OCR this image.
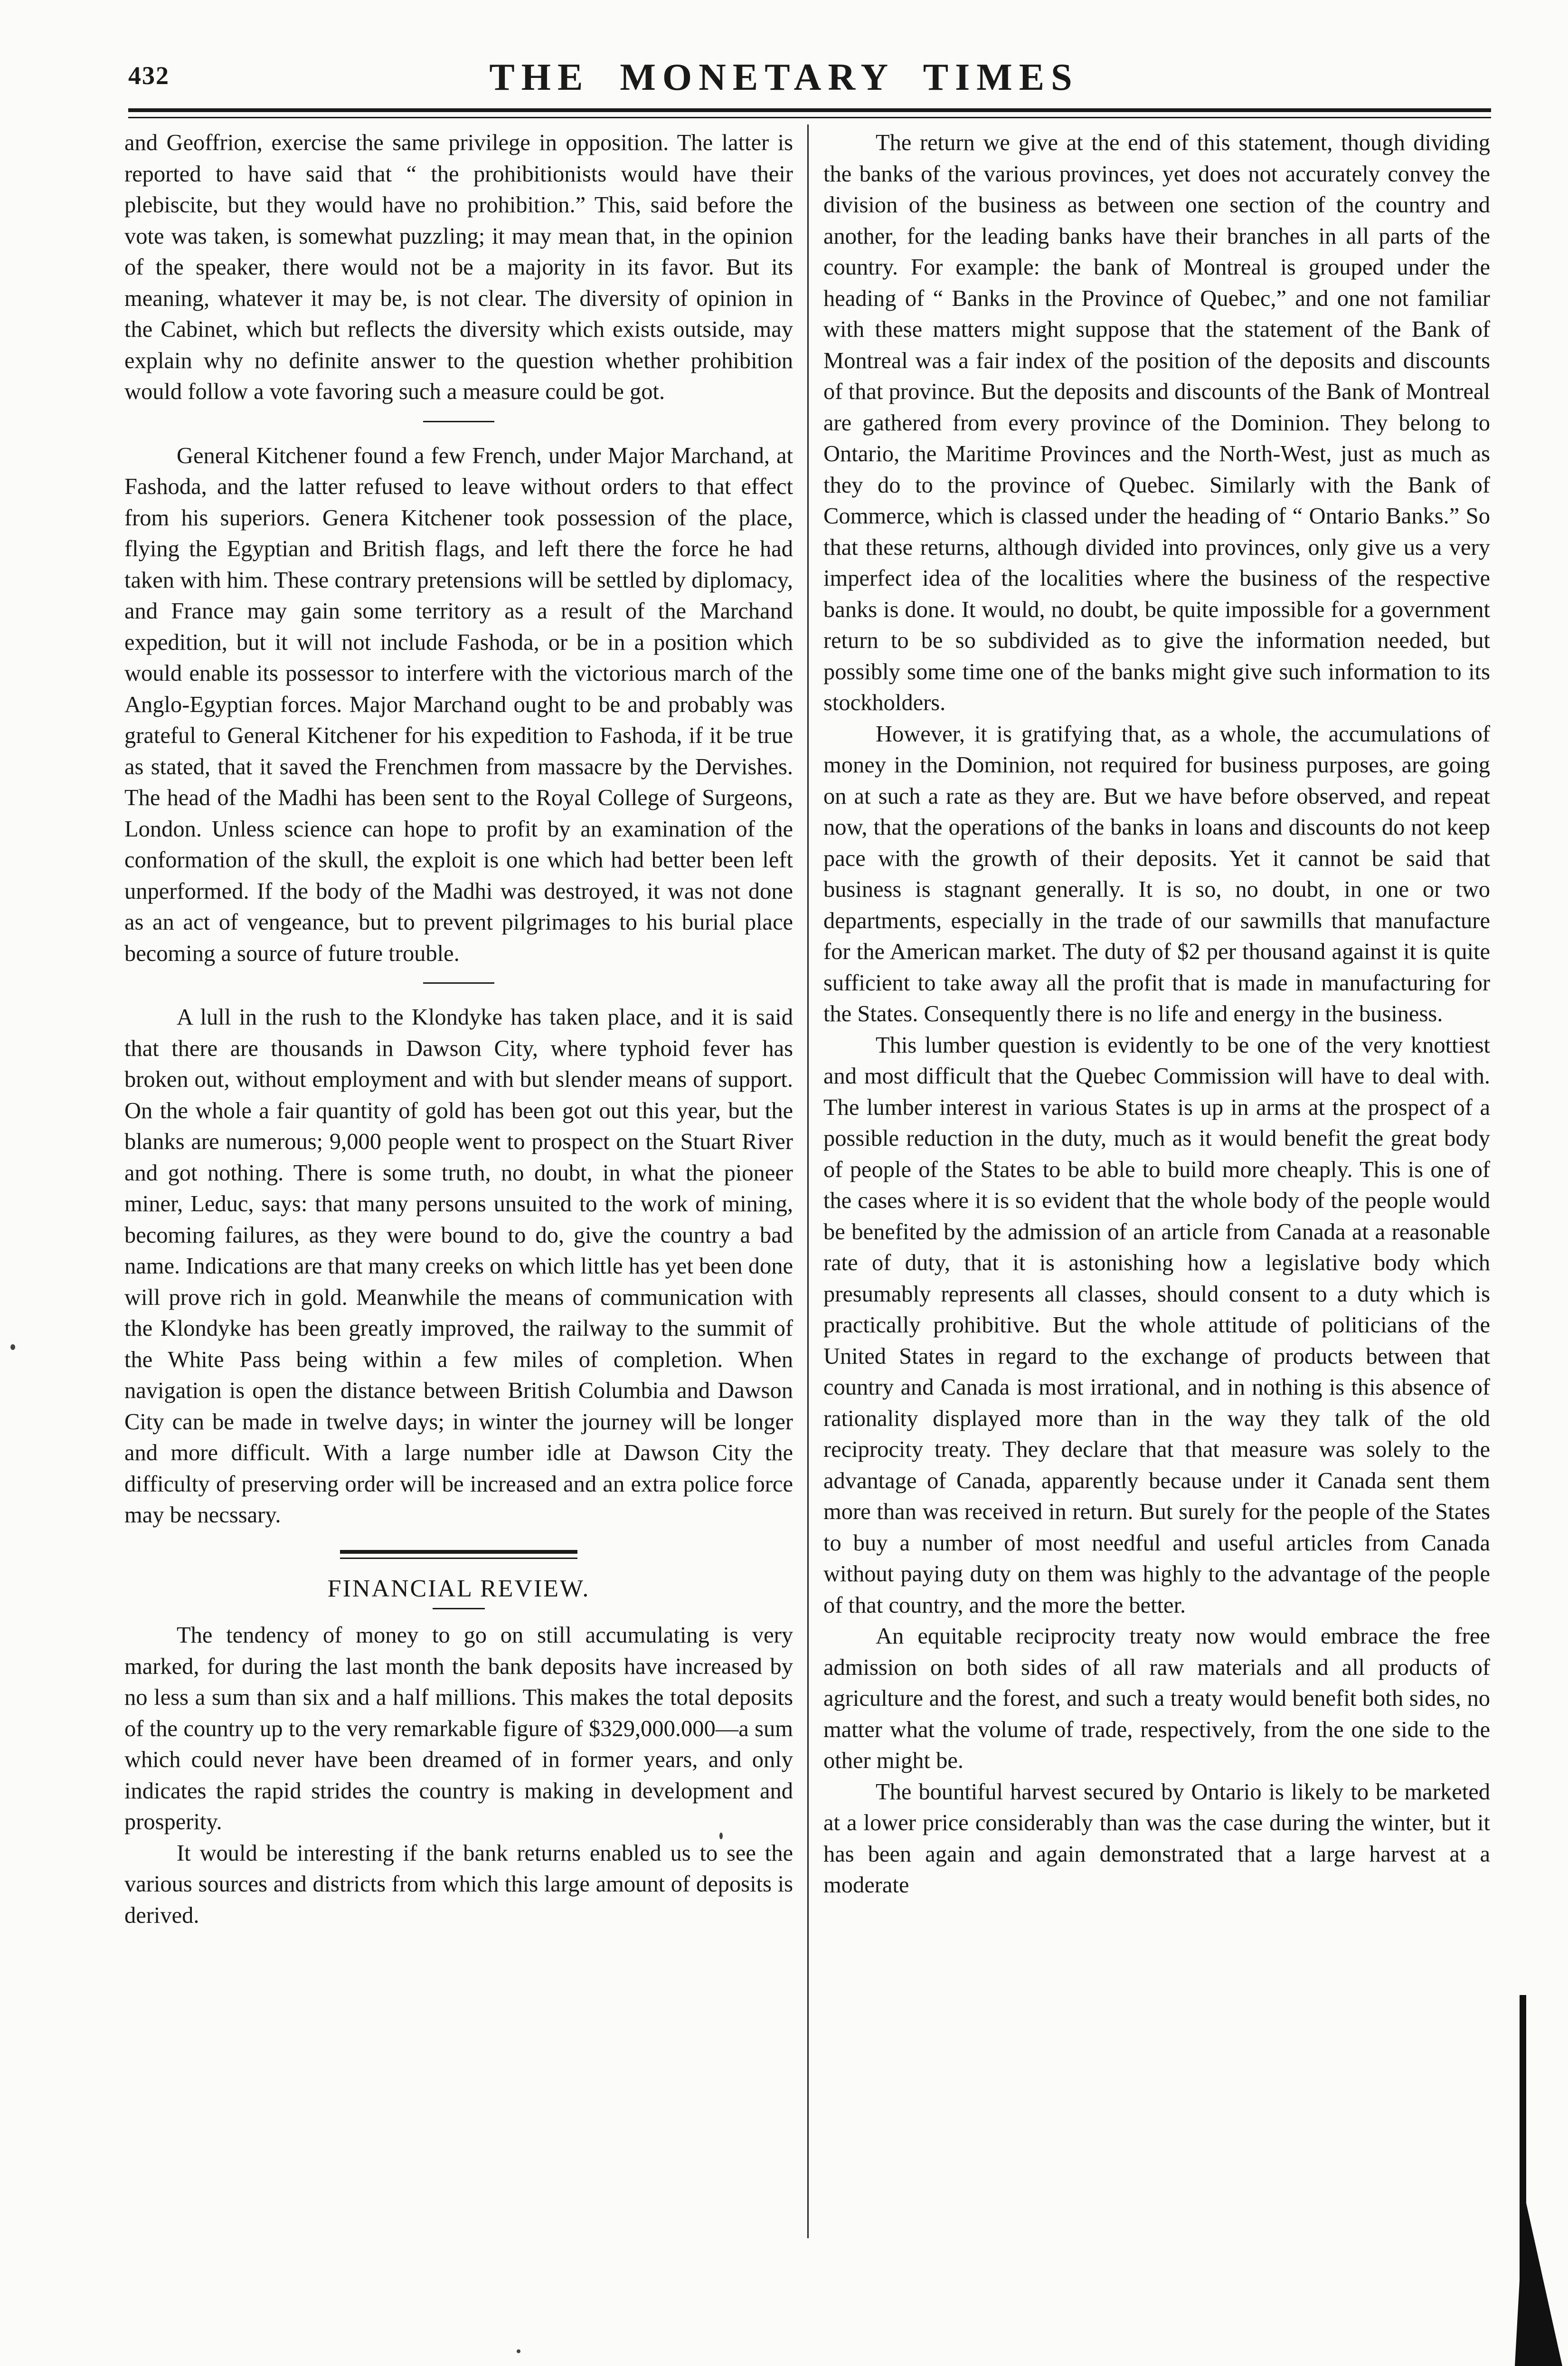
432	THE MONETARY TIMES

and Geoffrion, exercise the same privilege in opposition. The latter is reported to have said that “ the prohibitionists would have their plebiscite, but they would have no prohibition.” This, said before the vote was taken, is somewhat puzzling; it may mean that, in the opinion of the speaker, there would not be a majority in its favor. But its meaning, whatever it may be, is not clear. The diversity of opinion in the Cabinet, which but reflects the diversity which exists outside, may explain why no definite answer to the question whether prohibition would follow a vote favoring such a measure could be got.

General Kitchener found a few French, under Major Marchand, at Fashoda, and the latter refused to leave without orders to that effect from his superiors. Genera Kitchener took possession of the place, flying the Egyptian and British flags, and left there the force he had taken with him. These contrary pretensions will be settled by diplomacy, and France may gain some territory as a result of the Marchand expedition, but it will not include Fashoda, or be in a position which would enable its possessor to interfere with the victorious march of the Anglo-Egyptian forces. Major Marchand ought to be and probably was grateful to General Kitchener for his expedition to Fashoda, if it be true as stated, that it saved the Frenchmen from massacre by the Dervishes. The head of the Madhi has been sent to the Royal College of Surgeons, London. Unless science can hope to profit by an examination of the conformation of the skull, the exploit is one which had better been left unperformed. If the body of the Madhi was destroyed, it was not done as an act of vengeance, but to prevent pilgrimages to his burial place becoming a source of future trouble.

A lull in the rush to the Klondyke has taken place, and it is said that there are thousands in Dawson City, where typhoid fever has broken out, without employment and with but slender means of support. On the whole a fair quantity of gold has been got out this year, but the blanks are numerous; 9,000 people went to prospect on the Stuart River and got nothing. There is some truth, no doubt, in what the pioneer miner, Leduc, says: that many persons unsuited to the work of mining, becoming failures, as they were bound to do, give the country a bad name. Indications are that many creeks on which little has yet been done will prove rich in gold. Meanwhile the means of communication with the Klondyke has been greatly improved, the railway to the summit of the White Pass being within a few miles of completion. When navigation is open the distance between British Columbia and Dawson City can be made in twelve days; in winter the journey will be longer and more difficult. With a large number idle at Dawson City the difficulty of preserving order will be increased and an extra police force may be necssary.

FINANCIAL REVIEW.

The tendency of money to go on still accumulating is very marked, for during the last month the bank deposits have increased by no less a sum than six and a half millions. This makes the total deposits of the country up to the very remarkable figure of $329,000.000—a sum which could never have been dreamed of in former years, and only indicates the rapid strides the country is making in development and prosperity.

It would be interesting if the bank returns enabled us to see the various sources and districts from which this large amount of deposits is derived.

The return we give at the end of this statement, though dividing the banks of the various provinces, yet does not accurately convey the division of the business as between one section of the country and another, for the leading banks have their branches in all parts of the country. For example: the bank of Montreal is grouped under the heading of “ Banks in the Province of Quebec,” and one not familiar with these matters might suppose that the statement of the Bank of Montreal was a fair index of the position of the deposits and discounts of that province. But the deposits and discounts of the Bank of Montreal are gathered from every province of the Dominion. They belong to Ontario, the Maritime Provinces and the North-West, just as much as they do to the province of Quebec. Similarly with the Bank of Commerce, which is classed under the heading of “ Ontario Banks.” So that these returns, although divided into provinces, only give us a very imperfect idea of the localities where the business of the respective banks is done. It would, no doubt, be quite impossible for a government return to be so subdivided as to give the information needed, but possibly some time one of the banks might give such information to its stockholders.

However, it is gratifying that, as a whole, the accumulations of money in the Dominion, not required for business purposes, are going on at such a rate as they are. But we have before observed, and repeat now, that the operations of the banks in loans and discounts do not keep pace with the growth of their deposits. Yet it cannot be said that business is stagnant generally. It is so, no doubt, in one or two departments, especially in the trade of our sawmills that manufacture for the American market. The duty of $2 per thousand against it is quite sufficient to take away all the profit that is made in manufacturing for the States. Consequently there is no life and energy in the business.

This lumber question is evidently to be one of the very knottiest and most difficult that the Quebec Commission will have to deal with. The lumber interest in various States is up in arms at the prospect of a possible reduction in the duty, much as it would benefit the great body of people of the States to be able to build more cheaply. This is one of the cases where it is so evident that the whole body of the people would be benefited by the admission of an article from Canada at a reasonable rate of duty, that it is astonishing how a legislative body which presumably represents all classes, should consent to a duty which is practically prohibitive. But the whole attitude of politicians of the United States in regard to the exchange of products between that country and Canada is most irrational, and in nothing is this absence of rationality displayed more than in the way they talk of the old reciprocity treaty. They declare that that measure was solely to the advantage of Canada, apparently because under it Canada sent them more than was received in return. But surely for the people of the States to buy a number of most needful and useful articles from Canada without paying duty on them was highly to the advantage of the people of that country, and the more the better.

An equitable reciprocity treaty now would embrace the free admission on both sides of all raw materials and all products of agriculture and the forest, and such a treaty would benefit both sides, no matter what the volume of trade, respectively, from the one side to the other might be.

The bountiful harvest secured by Ontario is likely to be marketed at a lower price considerably than was the case during the winter, but it has been again and again demonstrated that a large harvest at a moderate
